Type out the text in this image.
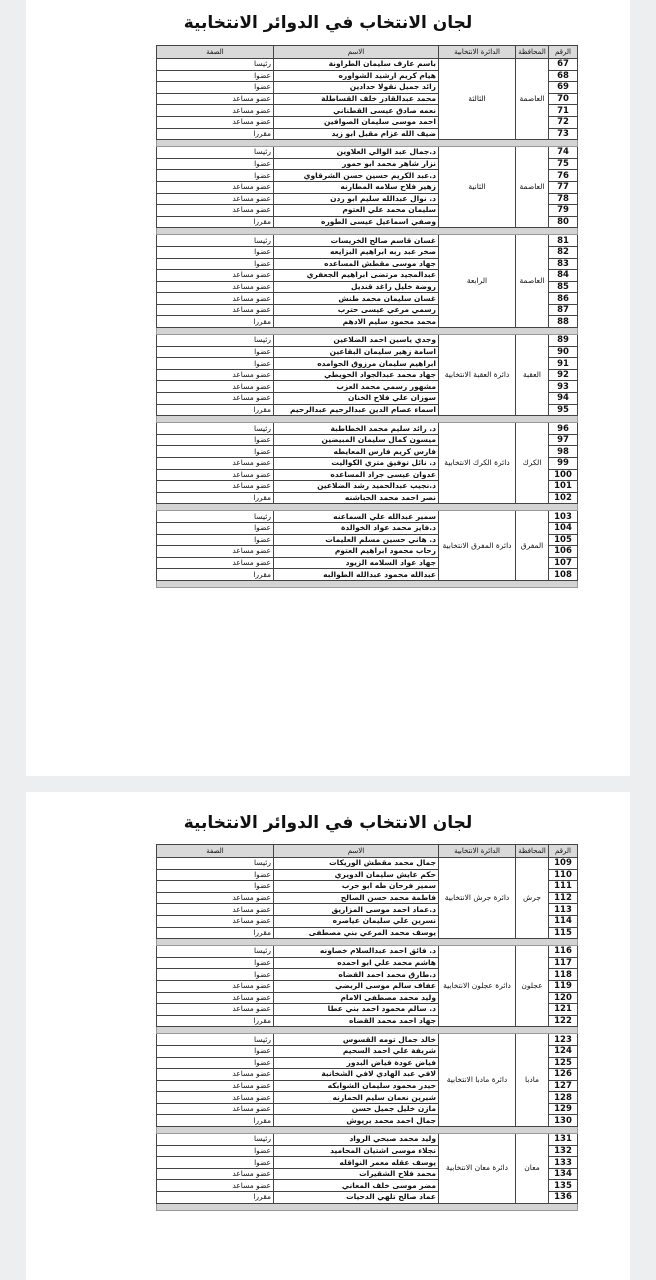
لجان الانتخاب في الدوائر الانتخابية
الرقم	المحافظة	الدائرة الانتخابية	الاسم	الصفة
67	العاصمة	الثالثة	باسم عارف سليمان الطراونة	رئيسا
68			هيام كريم ارشيد الشواوره	عضوا
69			رائد جميل نقولا حدادين	عضوا
70			محمد عبدالقادر خلف القساطلة	عضو مساعد
71			نعمه صادق عيسى القطناني	عضو مساعد
72			احمد موسى سليمان الصوافين	عضو مساعد
73			ضيف الله عزام مقبل ابو زيد	مقررا

74	العاصمة	الثانية	د.جمال عبد الوالي العلاوين	رئيسا
75			نزار شاهر محمد ابو حمور	عضوا
76			د.عبد الكريم حسين حسن الشرقاوي	عضوا
77			زهير فلاح سلامه المطارنه	عضو مساعد
78			د. نوال عبدالله سليم ابو ردن	عضو مساعد
79			سليمان محمد علي العتوم	عضو مساعد
80			وصفي اسماعيل عيسى الطوره	مقررا

81	العاصمة	الرابعة	غسان قاسم صالح الخريسات	رئيسا
82			صخر عبد ربه ابراهيم البزايعه	عضوا
83			جهاد موسى مقطش المساعده	عضوا
84			عبدالمجيد مرتضى ابراهيم الجعفري	عضو مساعد
85			روضة خليل راغد قنديل	عضو مساعد
86			غسان سليمان محمد طنش	عضو مساعد
87			رسمي مرعي عيسى حترب	عضو مساعد
88			محمد محمود سليم الادهم	مقررا

89	العقبة	دائرة العقبة الانتخابية	وجدي ياسين احمد الضلاعين	رئيسا
90			اسامة زهير سليمان البقاعين	عضوا
91			ابراهيم سليمان مرزوق الحوامده	عضوا
92			جهاد محمد عبدالجواد الحويطي	عضو مساعد
93			مشهور رسمي محمد العزب	عضو مساعد
94			سوزان علي فلاح الخنان	عضو مساعد
95			اسماء عصام الدين عبدالرحيم عبدالرحيم	مقررا

96	الكرك	دائرة الكرك الانتخابية	د. رائد سليم محمد الخطاطبة	رئيسا
97			ميسون كمال سليمان المبيضين	عضوا
98			فارس كريم فارس المعايطه	عضوا
99			د. نائل توفيق متري الكواليت	عضو مساعد
100			عدوان عيسى جراد المساعده	عضو مساعد
101			د.نجيب عبدالحميد رشد الضلاعين	عضو مساعد
102			نصر احمد محمد الحباشنه	مقررا

103	المفرق	دائرة المفرق الانتخابية	سمير عبدالله علي السماعنه	رئيسا
104			د.فايز محمد عواد الخوالدة	عضوا
105			د. هاني حسين مسلم العليمات	عضوا
106			رحاب محمود ابراهيم العتوم	عضو مساعد
107			جهاد عواد السلامه الزيود	عضو مساعد
108			عبدالله محمود عبدالله الطوالبه	مقررا

لجان الانتخاب في الدوائر الانتخابية
الرقم	المحافظة	الدائرة الانتخابية	الاسم	الصفة
109	جرش	دائرة جرش الانتخابية	جمال محمد مقطش الوريكات	رئيسا
110			حكم عايش سليمان الدويري	عضوا
111			سمير فرحان طه ابو حرب	عضوا
112			فاطمة محمد حسن الصالح	عضو مساعد
113			د.عماد احمد موسى المزاريق	عضو مساعد
114			نسرين علي سليمان عياصره	عضو مساعد
115			يوسف محمد المرعي بني مصطفى	مقررا

116	عجلون	دائرة عجلون الانتخابية	د. فائق احمد عبدالسلام خصاونه	رئيسا
117			هاشم محمد علي ابو احمده	عضوا
118			د.طارق محمد احمد القضاه	عضوا
119			عفاف سالم موسى الربضي	عضو مساعد
120			وليد محمد مصطفى الامام	عضو مساعد
121			د. سالم محمود احمد بني عطا	عضو مساعد
122			جهاد احمد محمد القضاه	مقررا

123	مادبا	دائرة مادبا الانتخابية	خالد جمال تومه القسوس	رئيسا
124			شريفة علي احمد السحيم	عضوا
125			فياض عودة فياض البدور	عضوا
126			لافي عبد الهادي لافي الشخانبة	عضو مساعد
127			حيدر محمود سليمان الشوابكه	عضو مساعد
128			شيرين نعمان سليم الحمارنه	عضو مساعد
129			مازن خليل جميل حسن	عضو مساعد
130			جمال احمد محمد بريوش	مقررا

131	معان	دائرة معان الانتخابية	وليد محمد صبحي الرواد	رئيسا
132			نجلاء موسى اشتيان المحاميد	عضوا
133			يوسف عقله معمر النواقله	عضوا
134			محمد فلاح الشقيرات	عضو مساعد
135			مضر موسى خلف المعاني	عضو مساعد
136			عماد صالح تلهي الدحيات	مقررا
